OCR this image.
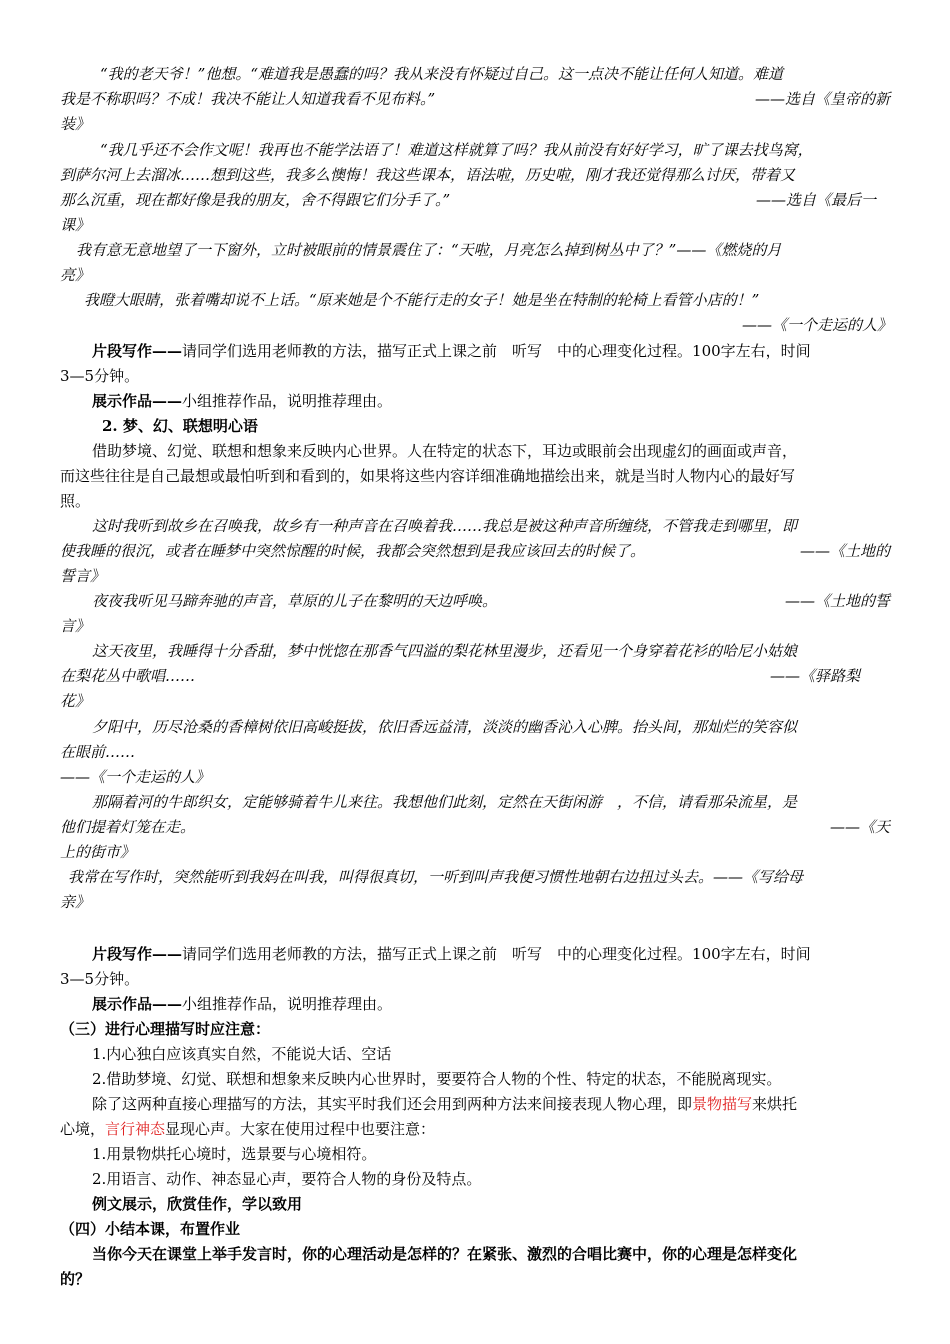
“我的老天爷！”他想。“难道我是愚蠢的吗？我从来没有怀疑过自己。这一点决不能让任何人知道。难道
我是不称职吗？不成！我决不能让人知道我看不见布料。”	——选自《皇帝的新
装》
“我几乎还不会作文呢！我再也不能学法语了！难道这样就算了吗？我从前没有好好学习，旷了课去找鸟窝，
到萨尔河上去溜冰……想到这些，我多么懊悔！我这些课本，语法啦，历史啦，刚才我还觉得那么讨厌，带着又
那么沉重，现在都好像是我的朋友，舍不得跟它们分手了。”	——选自《最后一
课》
我有意无意地望了一下窗外，立时被眼前的情景震住了：“天啦，月亮怎么掉到树丛中了？”——《燃烧的月
亮》
我瞪大眼睛，张着嘴却说不上话。“原来她是个不能行走的女子！她是坐在特制的轮椅上看管小店的！”
——《一个走运的人》
片段写作——请同学们选用老师教的方法，描写正式上课之前　听写　中的心理变化过程。100字左右，时间
3—5分钟。
展示作品——小组推荐作品，说明推荐理由。
2. 梦、幻、联想明心语
借助梦境、幻觉、联想和想象来反映内心世界。人在特定的状态下，耳边或眼前会出现虚幻的画面或声音，
而这些往往是自己最想或最怕听到和看到的，如果将这些内容详细准确地描绘出来，就是当时人物内心的最好写
照。
这时我听到故乡在召唤我，故乡有一种声音在召唤着我……我总是被这种声音所缠绕，不管我走到哪里，即
使我睡的很沉，或者在睡梦中突然惊醒的时候，我都会突然想到是我应该回去的时候了。	——《土地的
誓言》
夜夜我听见马蹄奔驰的声音，草原的儿子在黎明的天边呼唤。	——《土地的誓
言》
这天夜里，我睡得十分香甜，梦中恍惚在那香气四溢的梨花林里漫步，还看见一个身穿着花衫的哈尼小姑娘
在梨花丛中歌唱……	——《驿路梨
花》
夕阳中，历尽沧桑的香樟树依旧高峻挺拔，依旧香远益清，淡淡的幽香沁入心脾。抬头间，那灿烂的笑容似
在眼前……
——《一个走运的人》
那隔着河的牛郎织女，定能够骑着牛儿来往。我想他们此刻，定然在天街闲游　，不信，请看那朵流星，是
他们提着灯笼在走。	——《天
上的街市》
我常在写作时，突然能听到我妈在叫我，叫得很真切，一听到叫声我便习惯性地朝右边扭过头去。——《写给母
亲》
片段写作——请同学们选用老师教的方法，描写正式上课之前　听写　中的心理变化过程。100字左右，时间
3—5分钟。
展示作品——小组推荐作品，说明推荐理由。
（三）进行心理描写时应注意：
1.内心独白应该真实自然，不能说大话、空话
2.借助梦境、幻觉、联想和想象来反映内心世界时，要要符合人物的个性、特定的状态，不能脱离现实。
除了这两种直接心理描写的方法，其实平时我们还会用到两种方法来间接表现人物心理，即景物描写来烘托
心境，言行神态显现心声。大家在使用过程中也要注意：
1.用景物烘托心境时，选景要与心境相符。
2.用语言、动作、神态显心声，要符合人物的身份及特点。
例文展示，欣赏佳作，学以致用
（四）小结本课，布置作业
当你今天在课堂上举手发言时，你的心理活动是怎样的？在紧张、激烈的合唱比赛中，你的心理是怎样变化
的？
